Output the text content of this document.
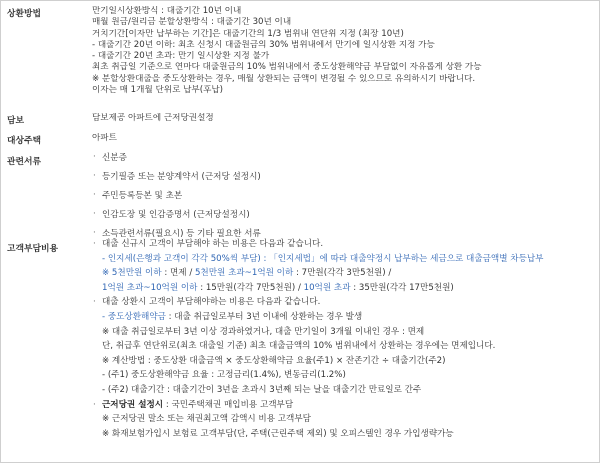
상환방법	만기일시상환방식 : 대출기간 10년 이내
매월 원금/원리금 분할상환방식 : 대출기간 30년 이내
거치기간[이자만 납부하는 기간]은 대출기간의 1/3 범위내 연단위 지정 (최장 10년)
- 대출기간 20년 이하: 최초 신청시 대출원금의 30% 범위내에서 만기에 일시상환 지정 가능
- 대출기간 20년 초과: 만기 일시상환 지정 불가
최초 취급일 기준으로 연마다 대출원금의 10% 범위내에서 중도상환해약금 부담없이 자유롭게 상환 가능
※ 분할상환대출을 중도상환하는 경우, 매월 상환되는 금액이 변경될 수 있으므로 유의하시기 바랍니다.
이자는 매 1개월 단위로 납부(후납)
담보	담보제공 아파트에 근저당권설정
대상주택	아파트
관련서류	· 신분증
· 등기필증 또는 분양계약서 (근저당 설정시)
· 주민등록등본 및 초본
· 인감도장 및 인감증명서 (근저당설정시)
· 소득관련서류(필요시) 등 기타 필요한 서류
고객부담비용	· 대출 신규시 고객이 부담해야 하는 비용은 다음과 같습니다.
- 인지세(은행과 고객이 각각 50%씩 부담) : 「인지세법」에 따라 대출약정시 납부하는 세금으로 대출금액별 차등납부
※ 5천만원 이하 : 면제 / 5천만원 초과~1억원 이하 : 7만원(각각 3만5천원) /
1억원 초과~10억원 이하 : 15만원(각각 7만5천원) / 10억원 초과 : 35만원(각각 17만5천원)
· 대출 상환시 고객이 부담해야하는 비용은 다음과 같습니다.
- 중도상환해약금 : 대출 취급일로부터 3년 이내에 상환하는 경우 발생
※ 대출 취급일로부터 3년 이상 경과하였거나, 대출 만기일이 3개월 이내인 경우 : 면제
단, 취급후 연단위로(최초 대출일 기준) 최초 대출금액의 10% 범위내에서 상환하는 경우에는 면제입니다.
※ 계산방법 : 중도상환 대출금액 × 중도상환해약금 요율(주1) × 잔존기간 ÷ 대출기간(주2)
- (주1) 중도상환해약금 요율 : 고정금리(1.4%), 변동금리(1.2%)
- (주2) 대출기간 : 대출기간이 3년을 초과시 3년째 되는 날을 대출기간 만료일로 간주
· 근저당권 설정시 : 국민주택채권 매입비용 고객부담
※ 근저당권 말소 또는 채권최고액 감액시 비용 고객부담
※ 화재보험가입시 보험료 고객부담(단, 주택(근린주택 제외) 및 오피스텔인 경우 가입생략가능
